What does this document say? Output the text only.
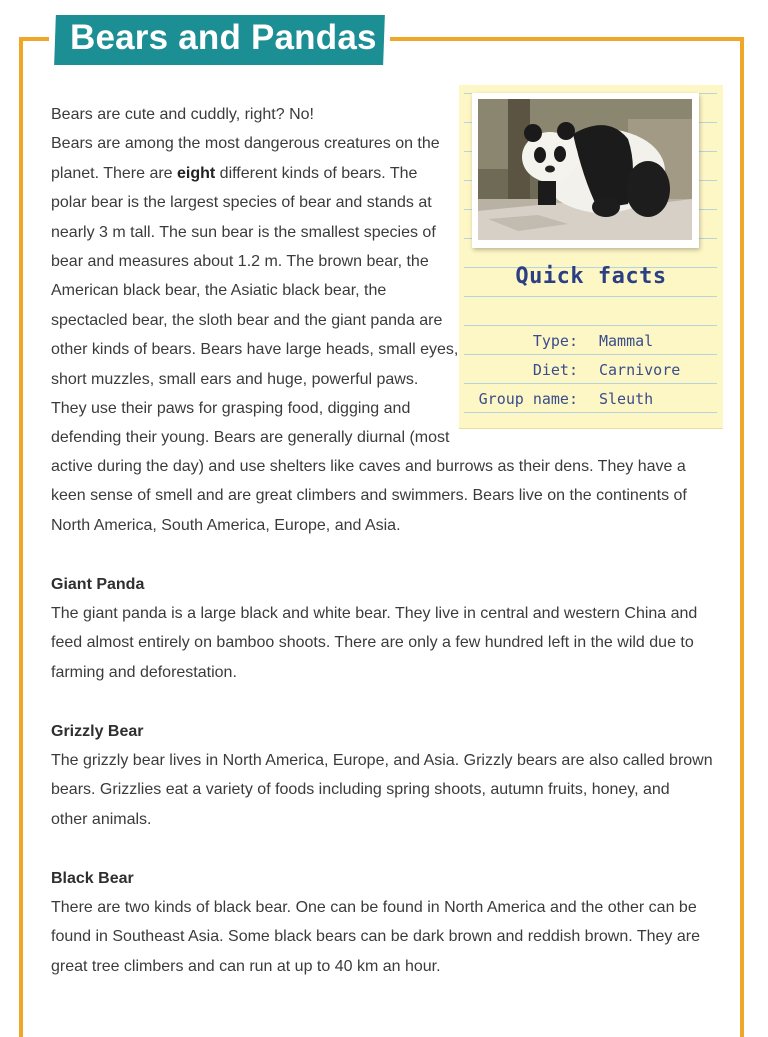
Bears and Pandas
Bears are cute and cuddly, right? No!
Bears are among the most dangerous creatures on the
planet. There are eight different kinds of bears. The
polar bear is the largest species of bear and stands at
nearly 3 m tall. The sun bear is the smallest species of
bear and measures about 1.2 m. The brown bear, the
American black bear, the Asiatic black bear, the
spectacled bear, the sloth bear and the giant panda are
other kinds of bears. Bears have large heads, small eyes,
short muzzles, small ears and huge, powerful paws.
They use their paws for grasping food, digging and
defending their young. Bears are generally diurnal (most
active during the day) and use shelters like caves and burrows as their dens. They have a
keen sense of smell and are great climbers and swimmers. Bears live on the continents of
North America, South America, Europe, and Asia.

Quick facts

Type: Mammal
Diet: Carnivore
Group name: Sleuth
Giant Panda
The giant panda is a large black and white bear. They live in central and western China and
feed almost entirely on bamboo shoots. There are only a few hundred left in the wild due to
farming and deforestation.
Grizzly Bear
The grizzly bear lives in North America, Europe, and Asia. Grizzly bears are also called brown
bears. Grizzlies eat a variety of foods including spring shoots, autumn fruits, honey, and
other animals.
Black Bear
There are two kinds of black bear. One can be found in North America and the other can be
found in Southeast Asia. Some black bears can be dark brown and reddish brown. They are
great tree climbers and can run at up to 40 km an hour.
